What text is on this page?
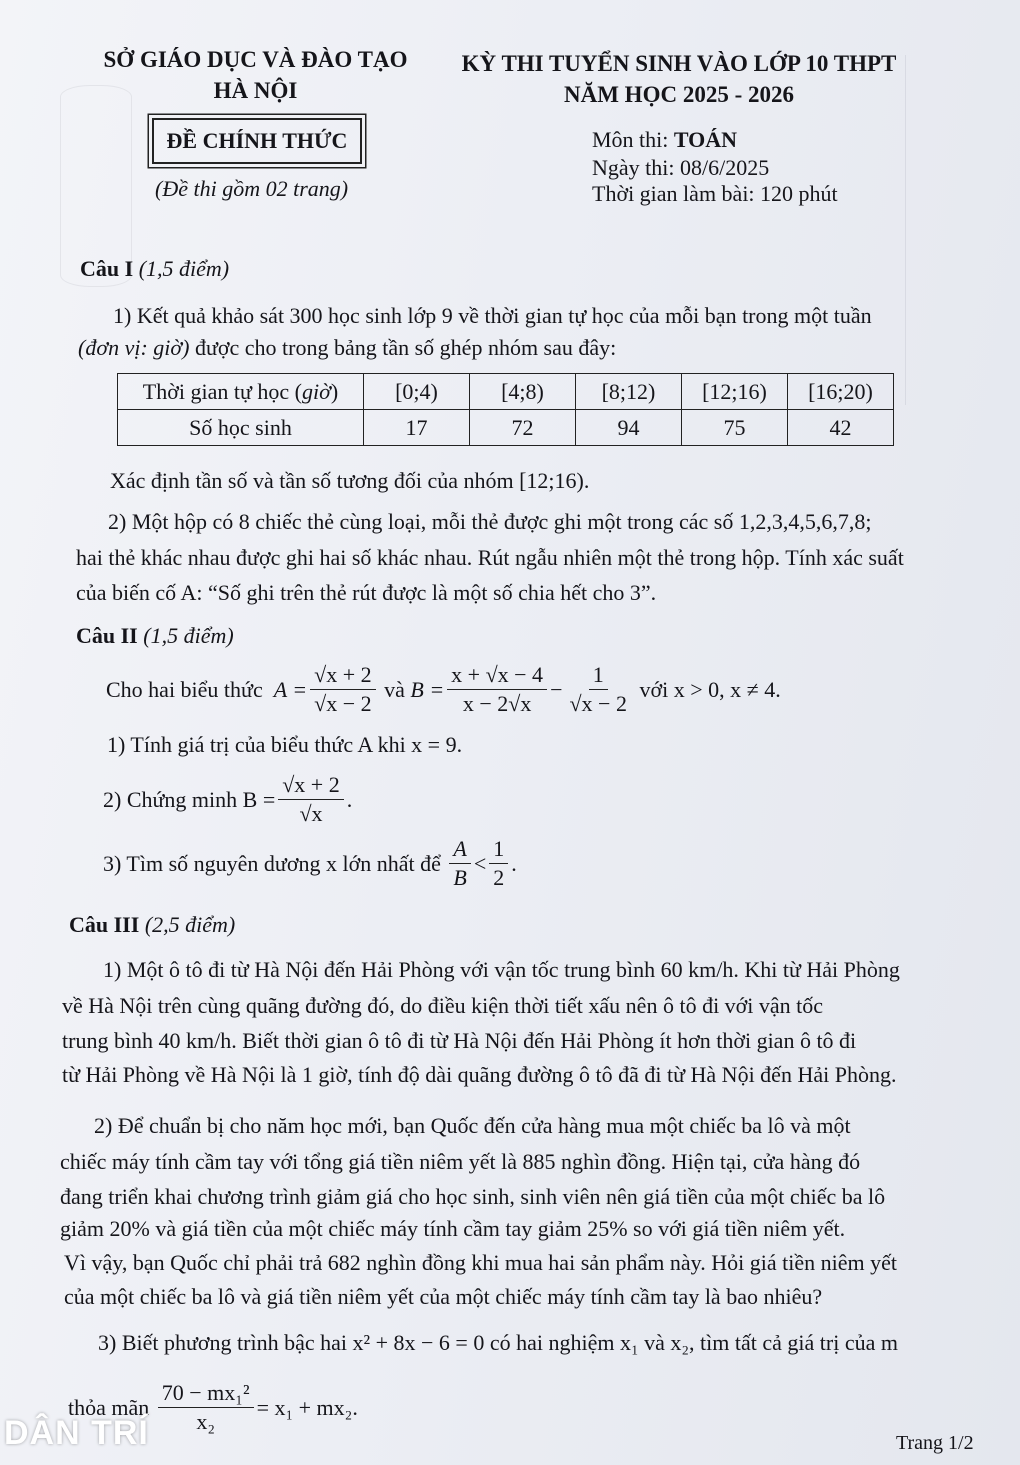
SỞ GIÁO DỤC VÀ ĐÀO TẠO
HÀ NỘI
ĐỀ CHÍNH THỨC
(Đề thi gồm 02 trang)
KỲ THI TUYỂN SINH VÀO LỚP 10 THPT
NĂM HỌC 2025 - 2026
Môn thi: TOÁN
Ngày thi: 08/6/2025
Thời gian làm bài: 120 phút
Câu I (1,5 điểm)
1) Kết quả khảo sát 300 học sinh lớp 9 về thời gian tự học của mỗi bạn trong một tuần
(đơn vị: giờ) được cho trong bảng tần số ghép nhóm sau đây:
Thời gian tự học (giờ)	[0;4)	[4;8)	[8;12)	[12;16)	[16;20)
Số học sinh	17	72	94	75	42
Xác định tần số và tần số tương đối của nhóm [12;16).
2) Một hộp có 8 chiếc thẻ cùng loại, mỗi thẻ được ghi một trong các số 1,2,3,4,5,6,7,8;
hai thẻ khác nhau được ghi hai số khác nhau. Rút ngẫu nhiên một thẻ trong hộp. Tính xác suất
của biến cố A: “Số ghi trên thẻ rút được là một số chia hết cho 3”.
Câu II (1,5 điểm)
Cho hai biểu thức
$A = \frac{√x + 2}{√x - 2}$
và
$B = \frac{x + √x - 4}{x - 2√x} - \frac{1}{√x - 2}$
với x > 0, x ≠ 4.
1) Tính giá trị của biểu thức A khi x = 9.
2) Chứng minh $B = \frac{√x + 2}{√x}$ .
3) Tìm số nguyên dương x lớn nhất để
$\frac{A}{B} < \frac{1}{2}$ .
Câu III (2,5 điểm)
1) Một ô tô đi từ Hà Nội đến Hải Phòng với vận tốc trung bình 60 km/h. Khi từ Hải Phòng
về Hà Nội trên cùng quãng đường đó, do điều kiện thời tiết xấu nên ô tô đi với vận tốc
trung bình 40 km/h. Biết thời gian ô tô đi từ Hà Nội đến Hải Phòng ít hơn thời gian ô tô đi
từ Hải Phòng về Hà Nội là 1 giờ, tính độ dài quãng đường ô tô đã đi từ Hà Nội đến Hải Phòng.
2) Để chuẩn bị cho năm học mới, bạn Quốc đến cửa hàng mua một chiếc ba lô và một
chiếc máy tính cầm tay với tổng giá tiền niêm yết là 885 nghìn đồng. Hiện tại, cửa hàng đó
đang triển khai chương trình giảm giá cho học sinh, sinh viên nên giá tiền của một chiếc ba lô
giảm 20% và giá tiền của một chiếc máy tính cầm tay giảm 25% so với giá tiền niêm yết.
Vì vậy, bạn Quốc chỉ phải trả 682 nghìn đồng khi mua hai sản phẩm này. Hỏi giá tiền niêm yết
của một chiếc ba lô và giá tiền niêm yết của một chiếc máy tính cầm tay là bao nhiêu?
3) Biết phương trình bậc hai x² + 8x − 6 = 0 có hai nghiệm x₁ và x₂, tìm tất cả giá trị của m
thỏa mãn
$\frac{\text{70 − mx₁²}}{\text{x₂}} = x_1 + mx_2$.
Trang 1/2
DÂN TRÍ
